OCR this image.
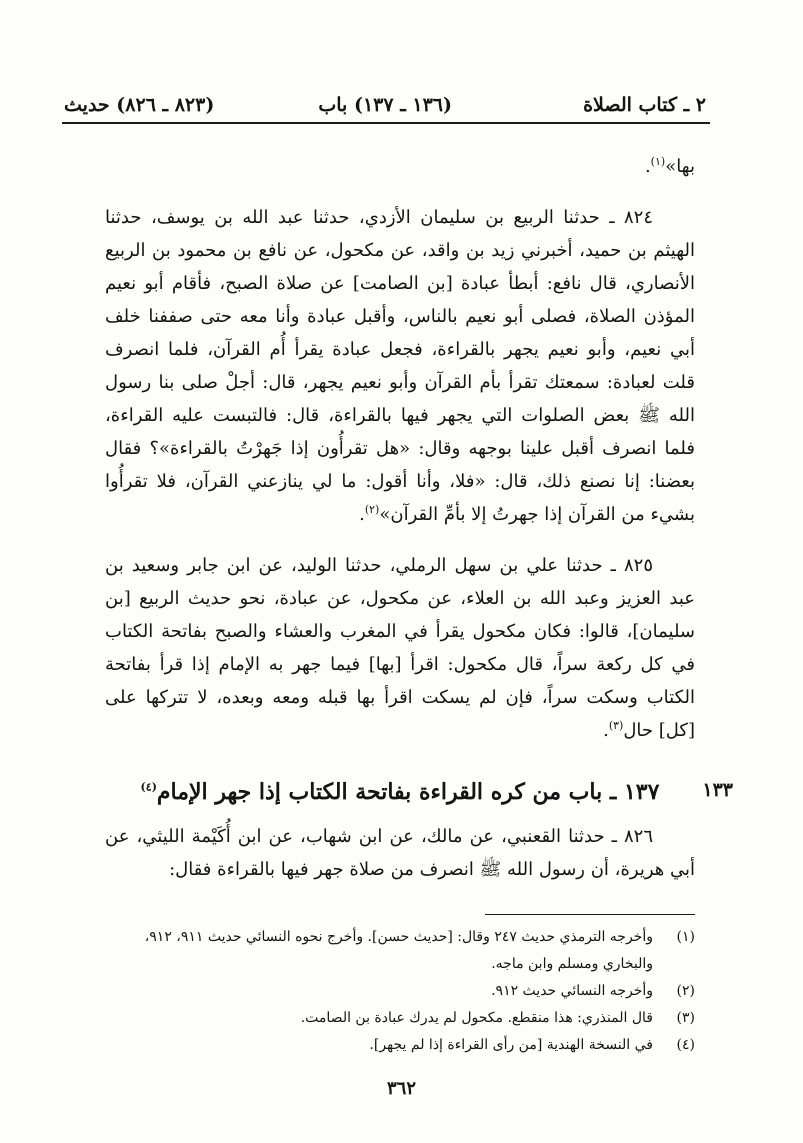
٢ ـ كتاب الصلاة
(١٣٦ ـ ١٣٧) باب
(٨٢٣ ـ ٨٢٦) حديث

بها»$^{(١)}$.

٨٢٤ ـ حدثنا الربيع بن سليمان الأزدي، حدثنا عبد الله بن يوسف، حدثنا الهيثم بن حميد، أخبرني زيد بن واقد، عن مكحول، عن نافع بن محمود بن الربيع الأنصاري، قال نافع: أبطأ عبادة [بن الصامت] عن صلاة الصبح، فأقام أبو نعيم المؤذن الصلاة، فصلى أبو نعيم بالناس، وأقبل عبادة وأنا معه حتى صففنا خلف أبي نعيم، وأبو نعيم يجهر بالقراءة، فجعل عبادة يقرأ أُم القرآن، فلما انصرف قلت لعبادة: سمعتك تقرأ بأم القرآن وأبو نعيم يجهر، قال: أجلْ صلى بنا رسول الله ﷺ بعض الصلوات التي يجهر فيها بالقراءة، قال: فالتبست عليه القراءة، فلما انصرف أقبل علينا بوجهه وقال: «هل تقرأُون إذا جَهرْتُ بالقراءة»؟ فقال بعضنا: إنا نصنع ذلك، قال: «فلا، وأنا أقول: ما لي ينازعني القرآن، فلا تقرأُوا بشيء من القرآن إذا جهرتُ إلا بأمِّ القرآن»$^{(٢)}$.

٨٢٥ ـ حدثنا علي بن سهل الرملي، حدثنا الوليد، عن ابن جابر وسعيد بن عبد العزيز وعبد الله بن العلاء، عن مكحول، عن عبادة، نحو حديث الربيع [بن سليمان]، قالوا: فكان مكحول يقرأ في المغرب والعشاء والصبح بفاتحة الكتاب في كل ركعة سراً، قال مكحول: اقرأ [بها] فيما جهر به الإمام إذا قرأ بفاتحة الكتاب وسكت سراً، فإن لم يسكت اقرأ بها قبله ومعه وبعده، لا تتركها على [كل] حال$^{(٣)}$.

١٣٣
١٣٧ ـ باب من كره القراءة بفاتحة الكتاب إذا جهر الإمام$^{(٤)}$

٨٢٦ ـ حدثنا القعنبي، عن مالك، عن ابن شهاب، عن ابن أُكَيْمة الليثي، عن أبي هريرة، أن رسول الله ﷺ انصرف من صلاة جهر فيها بالقراءة فقال:

(١)
وأخرجه الترمذي حديث ٢٤٧ وقال: [حديث حسن]. وأخرج نحوه النسائي حديث ٩١١، ٩١٢، والبخاري ومسلم وابن ماجه.

(٢)
وأخرجه النسائي حديث ٩١٢.

(٣)
قال المنذري: هذا منقطع. مكحول لم يدرك عبادة بن الصامت.

(٤)
في النسخة الهندية [من رأى القراءة إذا لم يجهر].

٣٦٢
